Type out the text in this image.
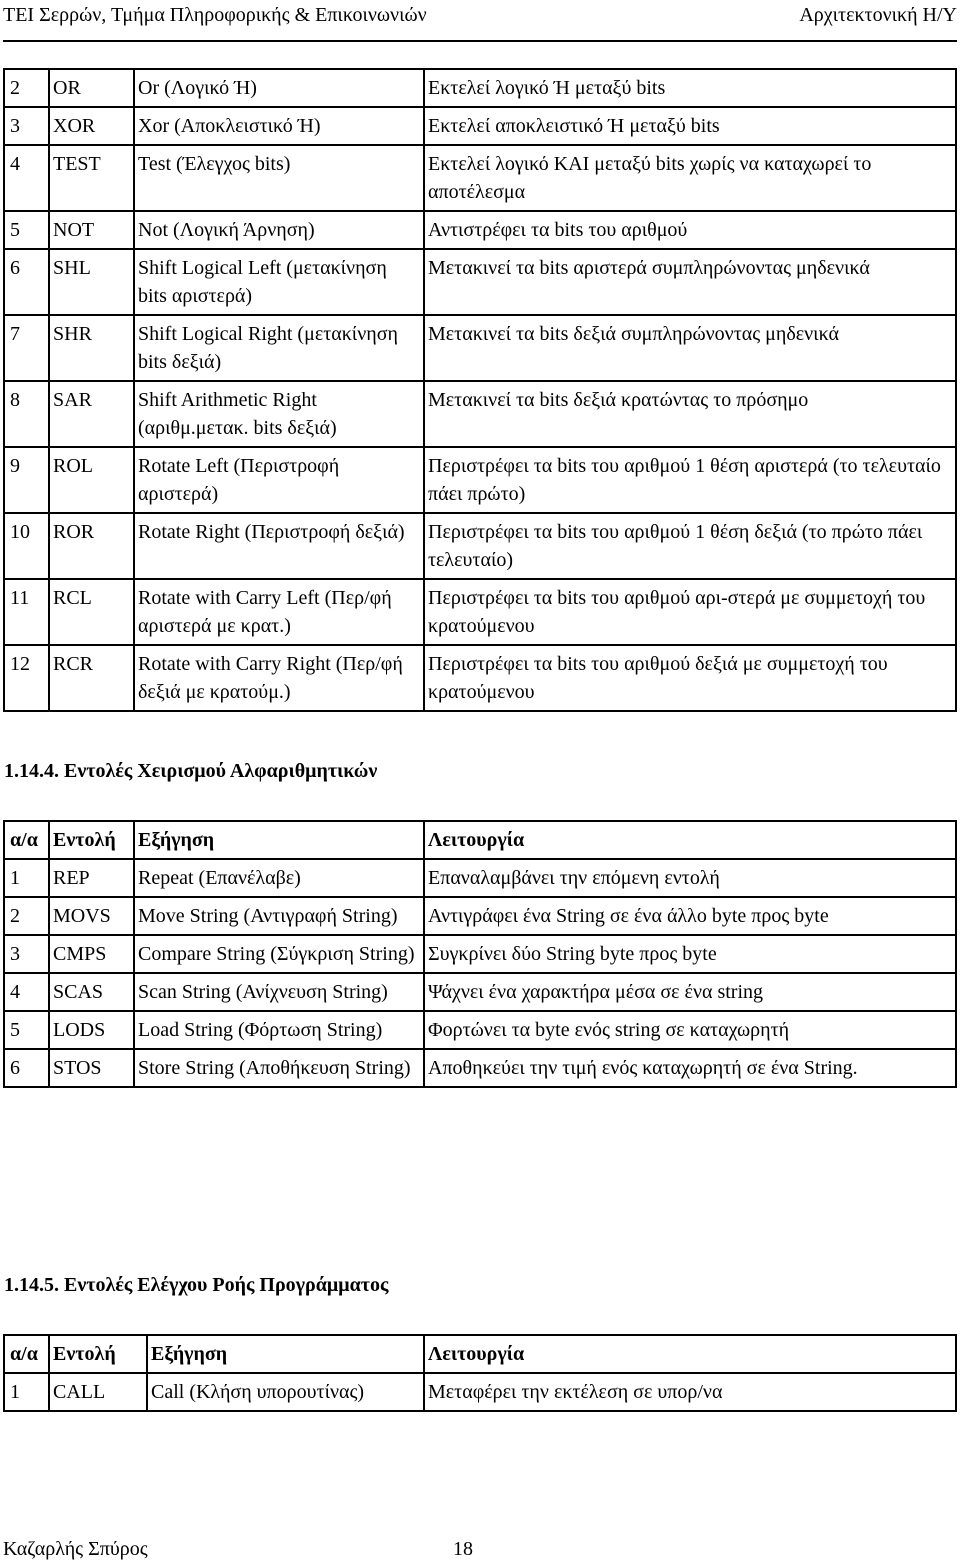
ΤΕΙ Σερρών, Τμήμα Πληροφορικής & Επικοινωνιών	Αρχιτεκτονική Η/Υ
2	OR	Or (Λογικό Ή)	Εκτελεί λογικό Ή μεταξύ bits
3	XOR	Xor (Αποκλειστικό Ή)	Εκτελεί αποκλειστικό Ή μεταξύ bits
4	TEST	Test (Έλεγχος bits)	Εκτελεί λογικό ΚΑΙ μεταξύ bits χωρίς να καταχωρεί το αποτέλεσμα
5	NOT	Not (Λογική Άρνηση)	Αντιστρέφει τα bits του αριθμού
6	SHL	Shift Logical Left (μετακίνηση bits αριστερά)	Μετακινεί τα bits αριστερά συμπληρώνοντας μηδενικά
7	SHR	Shift Logical Right (μετακίνηση bits δεξιά)	Μετακινεί τα bits δεξιά συμπληρώνοντας μηδενικά
8	SAR	Shift Arithmetic Right (αριθμ.μετακ. bits δεξιά)	Μετακινεί τα bits δεξιά κρατώντας το πρόσημο
9	ROL	Rotate Left (Περιστροφή αριστερά)	Περιστρέφει τα bits του αριθμού 1 θέση αριστερά (το τελευταίο πάει πρώτο)
10	ROR	Rotate Right (Περιστροφή δεξιά)	Περιστρέφει τα bits του αριθμού 1 θέση δεξιά (το πρώτο πάει τελευταίο)
11	RCL	Rotate with Carry Left (Περ/φή αριστερά με κρατ.)	Περιστρέφει τα bits του αριθμού αρι-στερά με συμμετοχή του κρατούμενου
12	RCR	Rotate with Carry Right (Περ/φή δεξιά με κρατούμ.)	Περιστρέφει τα bits του αριθμού δεξιά με συμμετοχή του κρατούμενου
1.14.4. Εντολές Χειρισμού Αλφαριθμητικών
α/α	Εντολή	Εξήγηση	Λειτουργία
1	REP	Repeat (Επανέλαβε)	Επαναλαμβάνει την επόμενη εντολή
2	MOVS	Move String (Αντιγραφή String)	Αντιγράφει ένα String σε ένα άλλο byte προς byte
3	CMPS	Compare String (Σύγκριση String)	Συγκρίνει δύο String byte προς byte
4	SCAS	Scan String (Ανίχνευση String)	Ψάχνει ένα χαρακτήρα μέσα σε ένα string
5	LODS	Load String (Φόρτωση String)	Φορτώνει τα byte ενός string σε καταχωρητή
6	STOS	Store String (Αποθήκευση String)	Αποθηκεύει την τιμή ενός καταχωρητή σε ένα String.
1.14.5. Εντολές Ελέγχου Ροής Προγράμματος
α/α	Εντολή	Εξήγηση	Λειτουργία
1	CALL	Call (Κλήση υπορουτίνας)	Μεταφέρει την εκτέλεση σε υπορ/να
Καζαρλής Σπύρος	18
